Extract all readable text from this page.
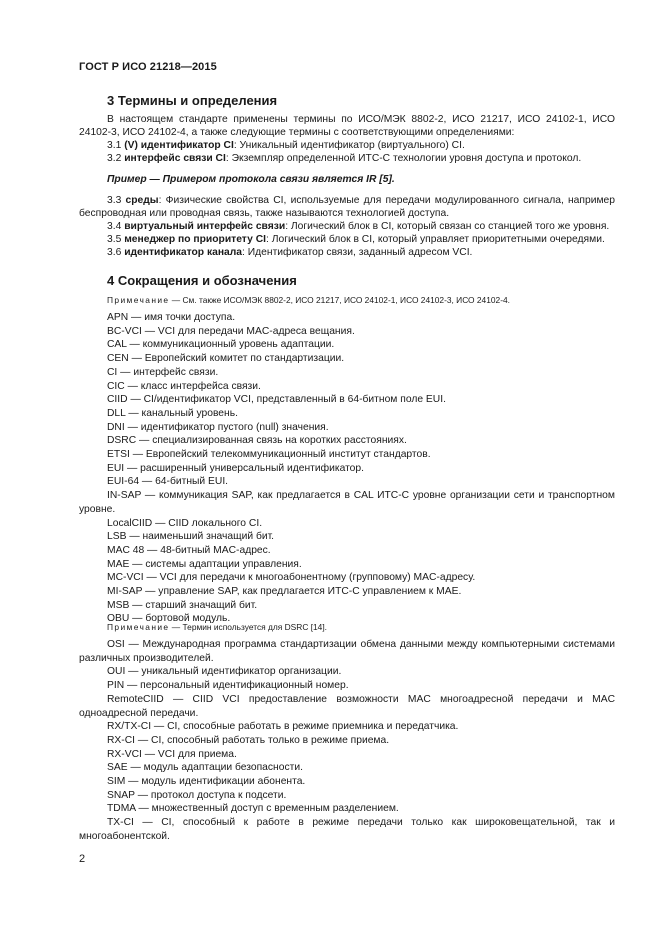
ГОСТ Р ИСО 21218—2015
3 Термины и определения

В настоящем стандарте применены термины по ИСО/МЭК 8802-2, ИСО 21217, ИСО 24102-1, ИСО 24102-3, ИСО 24102-4, а также следующие термины с соответствующими определениями:

3.1 (V) идентификатор CI: Уникальный идентификатор (виртуального) CI.

3.2 интерфейс связи CI: Экземпляр определенной ИТС-С технологии уровня доступа и протокол.

Пример — Примером протокола связи является IR [5].

3.3 среды: Физические свойства CI, используемые для передачи модулированного сигнала, например беспроводная или проводная связь, также называются технологией доступа.

3.4 виртуальный интерфейс связи: Логический блок в CI, который связан со станцией того же уровня.

3.5 менеджер по приоритету CI: Логический блок в CI, который управляет приоритетными очередями.

3.6 идентификатор канала: Идентификатор связи, заданный адресом VCI.

4 Сокращения и обозначения
Примечание — См. также ИСО/МЭК 8802-2, ИСО 21217, ИСО 24102-1, ИСО 24102-3, ИСО 24102-4.

APN — имя точки доступа.

BC-VCI — VCI для передачи MAC-адреса вещания.

CAL — коммуникационный уровень адаптации.

CEN — Европейский комитет по стандартизации.

CI — интерфейс связи.

CIC — класс интерфейса связи.

CIID — CI/идентификатор VCI, представленный в 64-битном поле EUI.

DLL — канальный уровень.

DNI — идентификатор пустого (null) значения.

DSRC — специализированная связь на коротких расстояниях.

ETSI — Европейский телекоммуникационный институт стандартов.

EUI — расширенный универсальный идентификатор.

EUI-64 — 64-битный EUI.

IN-SAP — коммуникация SAP, как предлагается в CAL ИТС-С уровне организации сети и транспортном уровне.

LocalCIID — CIID локального CI.

LSB — наименьший значащий бит.

MAC 48 — 48-битный MAC-адрес.

MAE — системы адаптации управления.

MC-VCI — VCI для передачи к многоабонентному (групповому) MAC-адресу.

MI-SAP — управление SAP, как предлагается ИТС-С управлением к MAE.

MSB — старший значащий бит.

OBU — бортовой модуль.

Примечание — Термин используется для DSRC [14].

OSI — Международная программа стандартизации обмена данными между компьютерными системами различных производителей.

OUI — уникальный идентификатор организации.

PIN — персональный идентификационный номер.

RemoteCIID — CIID VCI предоставление возможности MAC многоадресной передачи и MAC одноадресной передачи.

RX/TX-CI — CI, способные работать в режиме приемника и передатчика.

RX-CI — CI, способный работать только в режиме приема.

RX-VCI — VCI для приема.

SAE — модуль адаптации безопасности.

SIM — модуль идентификации абонента.

SNAP — протокол доступа к подсети.

TDMA — множественный доступ с временным разделением.

TX-CI — CI, способный к работе в режиме передачи только как широковещательной, так и многоабонентской.

2
